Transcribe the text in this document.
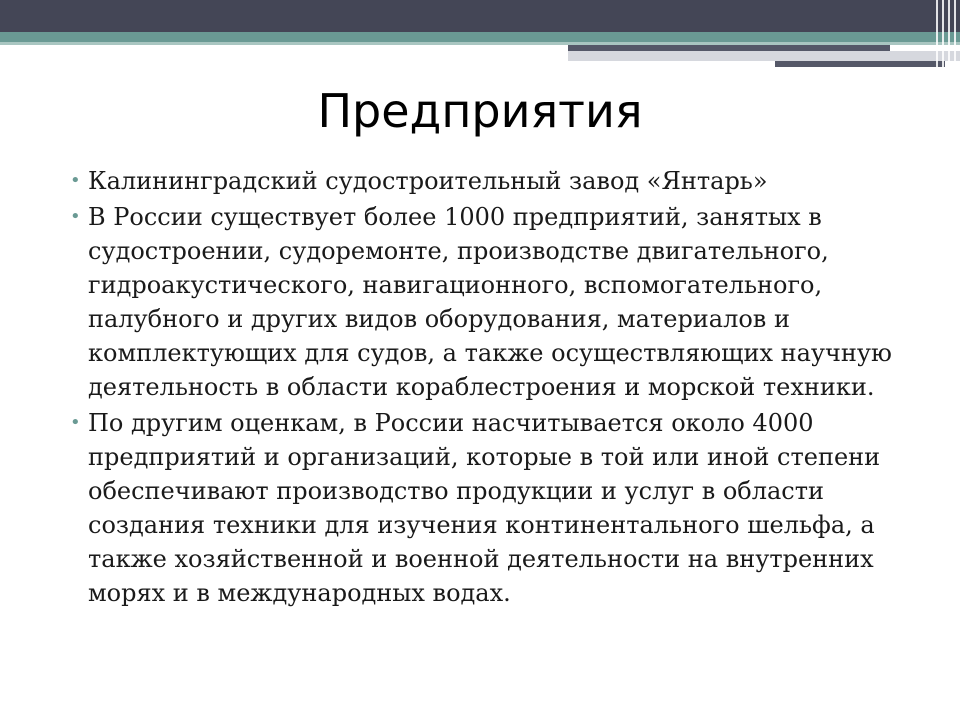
Предприятия
• Калининградский судостроительный завод «Янтарь»
• В России существует более 1000 предприятий, занятых в судостроении, судоремонте, производстве двигательного, гидроакустического, навигационного, вспомогательного, палубного и других видов оборудования, материалов и комплектующих для судов, а также осуществляющих научную деятельность в области кораблестроения и морской техники.
• По другим оценкам, в России насчитывается около 4000 предприятий и организаций, которые в той или иной степени обеспечивают производство продукции и услуг в области создания техники для изучения континентального шельфа, а также хозяйственной и военной деятельности на внутренних морях и в международных водах.
